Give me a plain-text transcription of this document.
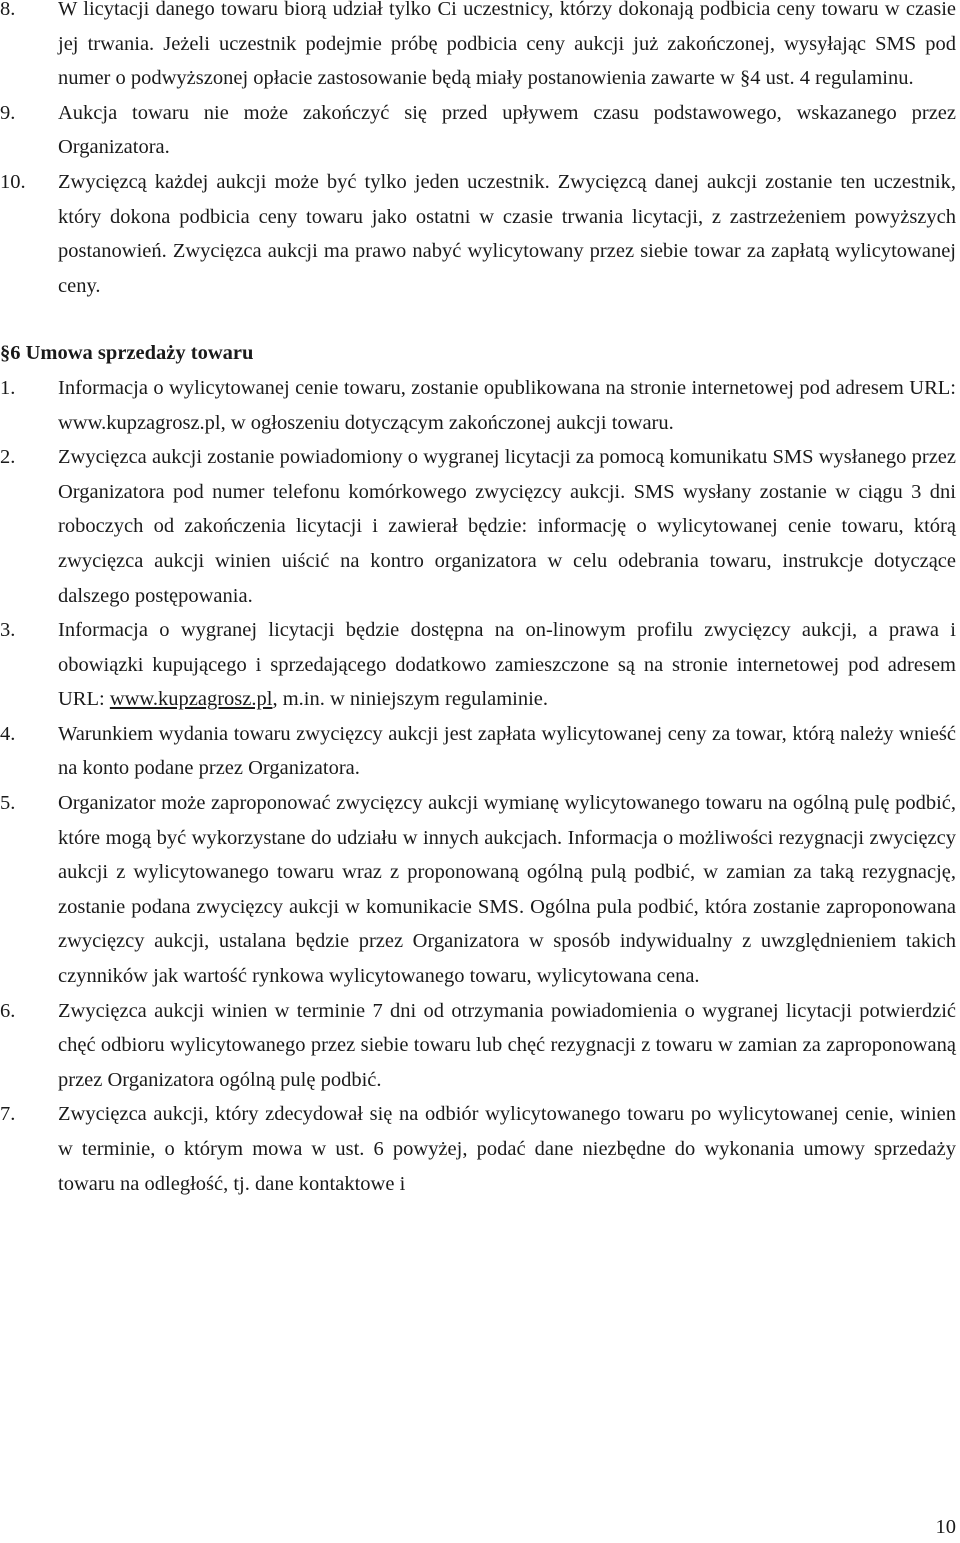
8. W licytacji danego towaru biorą udział tylko Ci uczestnicy, którzy dokonają podbicia ceny towaru w czasie jej trwania. Jeżeli uczestnik podejmie próbę podbicia ceny aukcji już zakończonej, wysyłając SMS pod numer o podwyższonej opłacie zastosowanie będą miały postanowienia zawarte w §4 ust. 4 regulaminu.
9. Aukcja towaru nie może zakończyć się przed upływem czasu podstawowego, wskazanego przez Organizatora.
10. Zwycięzcą każdej aukcji może być tylko jeden uczestnik. Zwycięzcą danej aukcji zostanie ten uczestnik, który dokona podbicia ceny towaru jako ostatni w czasie trwania licytacji, z zastrzeżeniem powyższych postanowień. Zwycięzca aukcji ma prawo nabyć wylicytowany przez siebie towar za zapłatą wylicytowanej ceny.
§6 Umowa sprzedaży towaru
1. Informacja o wylicytowanej cenie towaru, zostanie opublikowana na stronie internetowej pod adresem URL: www.kupzagrosz.pl, w ogłoszeniu dotyczącym zakończonej aukcji towaru.
2. Zwycięzca aukcji zostanie powiadomiony o wygranej licytacji za pomocą komunikatu SMS wysłanego przez Organizatora pod numer telefonu komórkowego zwycięzcy aukcji. SMS wysłany zostanie w ciągu 3 dni roboczych od zakończenia licytacji i zawierał będzie: informację o wylicytowanej cenie towaru, którą zwycięzca aukcji winien uiścić na kontro organizatora w celu odebrania towaru, instrukcje dotyczące dalszego postępowania.
3. Informacja o wygranej licytacji będzie dostępna na on-linowym profilu zwycięzcy aukcji, a prawa i obowiązki kupującego i sprzedającego dodatkowo zamieszczone są na stronie internetowej pod adresem URL: www.kupzagrosz.pl, m.in. w niniejszym regulaminie.
4. Warunkiem wydania towaru zwycięzcy aukcji jest zapłata wylicytowanej ceny za towar, którą należy wnieść na konto podane przez Organizatora.
5. Organizator może zaproponować zwycięzcy aukcji wymianę wylicytowanego towaru na ogólną pulę podbić, które mogą być wykorzystane do udziału w innych aukcjach. Informacja o możliwości rezygnacji zwycięzcy aukcji z wylicytowanego towaru wraz z proponowaną ogólną pulą podbić, w zamian za taką rezygnację, zostanie podana zwycięzcy aukcji w komunikacie SMS. Ogólna pula podbić, która zostanie zaproponowana zwycięzcy aukcji, ustalana będzie przez Organizatora w sposób indywidualny z uwzględnieniem takich czynników jak wartość rynkowa wylicytowanego towaru, wylicytowana cena.
6. Zwycięzca aukcji winien w terminie 7 dni od otrzymania powiadomienia o wygranej licytacji potwierdzić chęć odbioru wylicytowanego przez siebie towaru lub chęć rezygnacji z towaru w zamian za zaproponowaną przez Organizatora ogólną pulę podbić.
7. Zwycięzca aukcji, który zdecydował się na odbiór wylicytowanego towaru po wylicytowanej cenie, winien w terminie, o którym mowa w ust. 6 powyżej, podać dane niezbędne do wykonania umowy sprzedaży towaru na odległość, tj. dane kontaktowe i
10
